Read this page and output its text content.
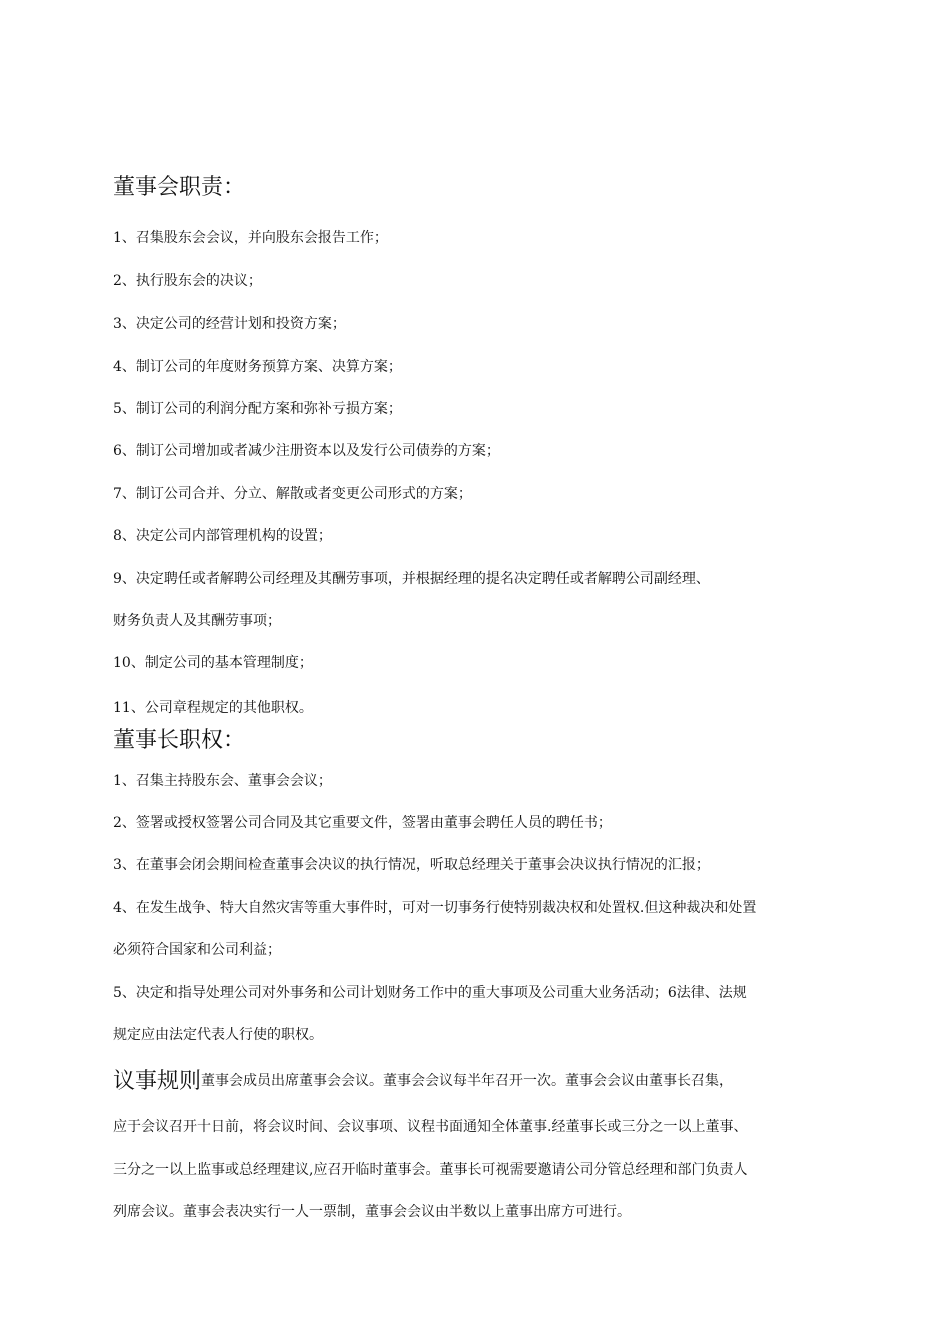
董事会职责：
1、召集股东会会议，并向股东会报告工作；
2、执行股东会的决议；
3、决定公司的经营计划和投资方案；
4、制订公司的年度财务预算方案、决算方案；
5、制订公司的利润分配方案和弥补亏损方案；
6、制订公司增加或者减少注册资本以及发行公司债券的方案；
7、制订公司合并、分立、解散或者变更公司形式的方案；
8、决定公司内部管理机构的设置；
9、决定聘任或者解聘公司经理及其酬劳事项，并根据经理的提名决定聘任或者解聘公司副经理、
财务负责人及其酬劳事项；
10、制定公司的基本管理制度；
11、公司章程规定的其他职权。
董事长职权：
1、召集主持股东会、董事会会议；
2、签署或授权签署公司合同及其它重要文件，签署由董事会聘任人员的聘任书；
3、在董事会闭会期间检查董事会决议的执行情况，听取总经理关于董事会决议执行情况的汇报；
4、在发生战争、特大自然灾害等重大事件时，可对一切事务行使特别裁决权和处置权.但这种裁决和处置
必须符合国家和公司利益；
5、决定和指导处理公司对外事务和公司计划财务工作中的重大事项及公司重大业务活动；6法律、法规
规定应由法定代表人行使的职权。
议事规则董事会成员出席董事会会议。董事会会议每半年召开一次。董事会会议由董事长召集，
应于会议召开十日前，将会议时间、会议事项、议程书面通知全体董事.经董事长或三分之一以上董事、
三分之一以上监事或总经理建议,应召开临时董事会。董事长可视需要邀请公司分管总经理和部门负责人
列席会议。董事会表决实行一人一票制，董事会会议由半数以上董事出席方可进行。
